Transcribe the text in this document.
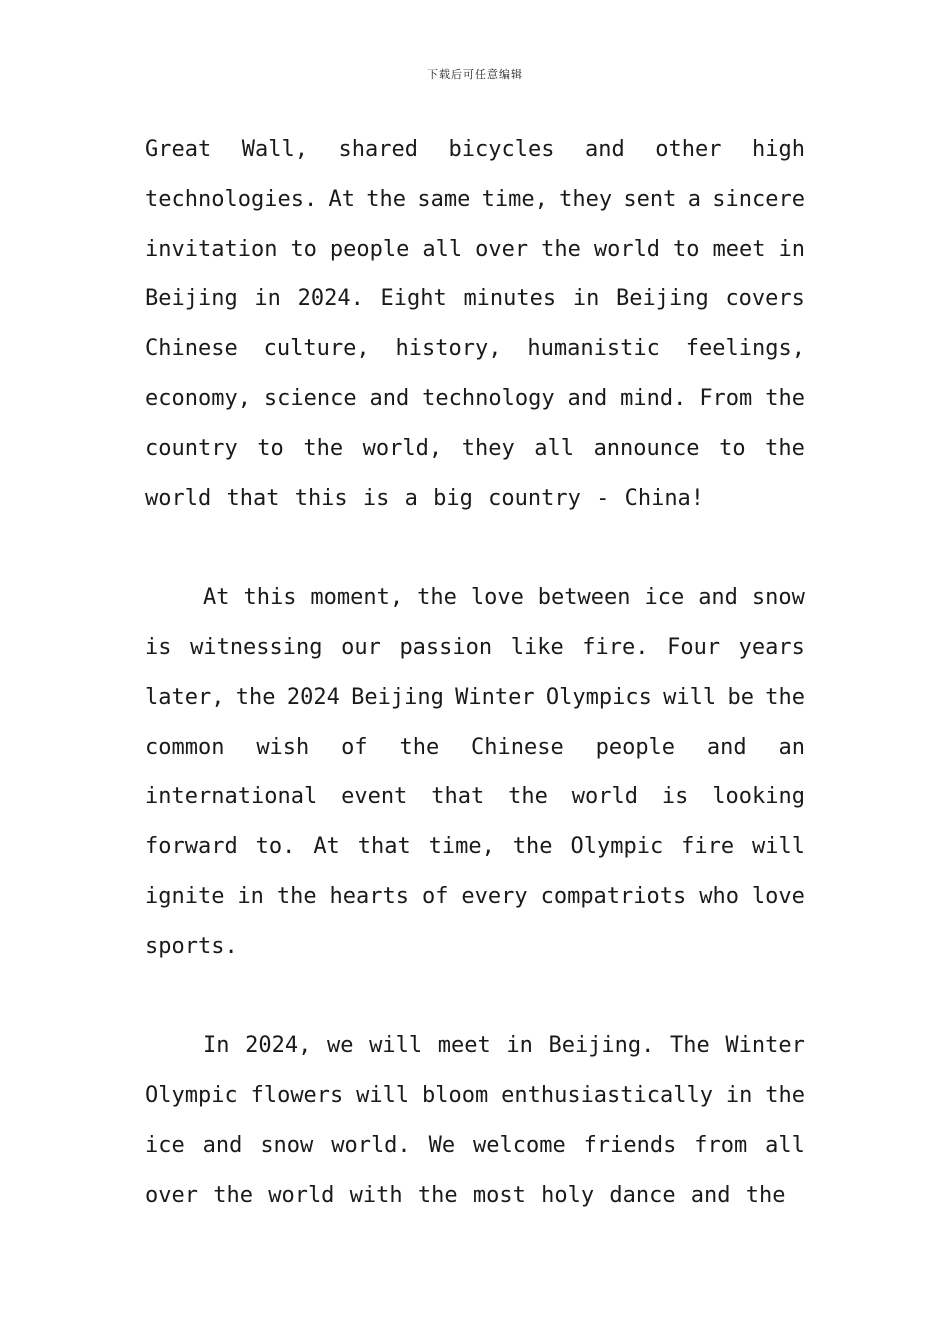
下载后可任意编辑
Great Wall, shared bicycles and other high
technologies. At the same time, they sent a sincere
invitation to people all over the world to meet in
Beijing in 2024. Eight minutes in Beijing covers
Chinese culture, history, humanistic feelings,
economy, science and technology and mind. From the
country to the world, they all announce to the
world that this is a big country - China!
At this moment, the love between ice and snow
is witnessing our passion like fire. Four years
later, the 2024 Beijing Winter Olympics will be the
common wish of the Chinese people and an
international event that the world is looking
forward to. At that time, the Olympic fire will
ignite in the hearts of every compatriots who love
sports.
In 2024, we will meet in Beijing. The Winter
Olympic flowers will bloom enthusiastically in the
ice and snow world. We welcome friends from all
over the world with the most holy dance and the
